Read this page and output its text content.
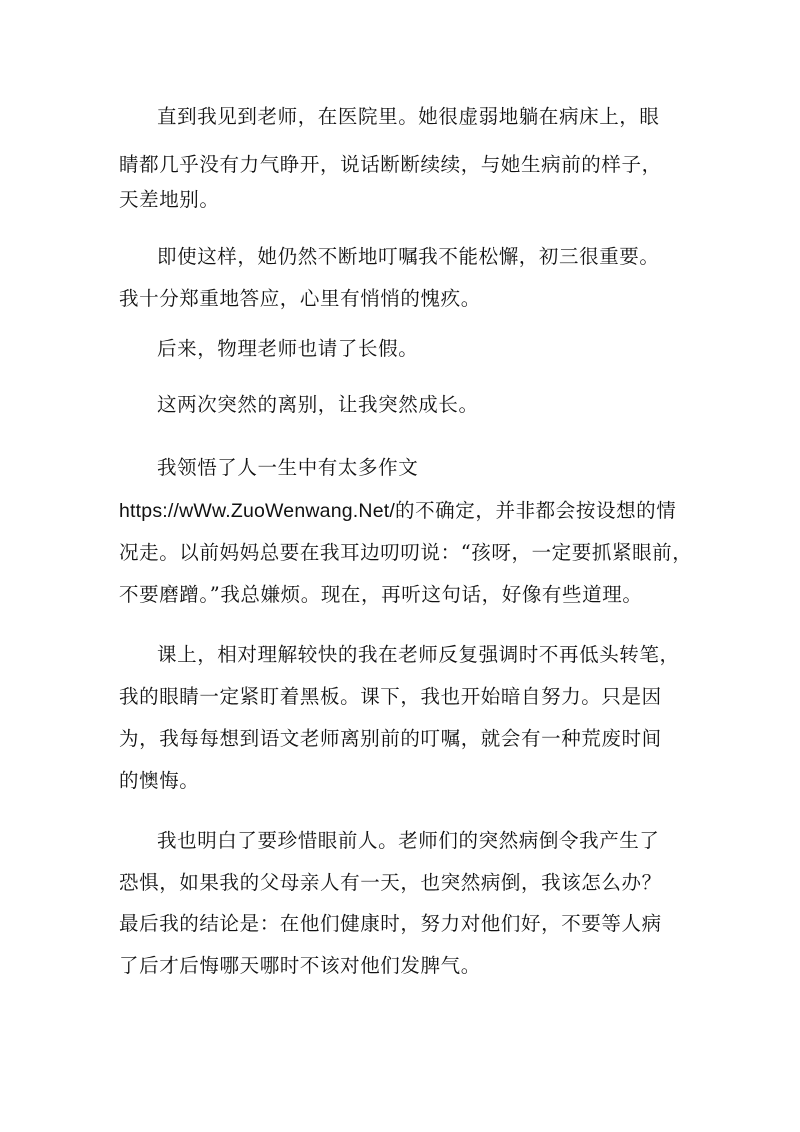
直到我见到老师，在医院里。她很虚弱地躺在病床上，眼
睛都几乎没有力气睁开，说话断断续续，与她生病前的样子，
天差地别。
即使这样，她仍然不断地叮嘱我不能松懈，初三很重要。
我十分郑重地答应，心里有悄悄的愧疚。
后来，物理老师也请了长假。
这两次突然的离别，让我突然成长。
我领悟了人一生中有太多作文
https://wWw.ZuoWenwang.Net/的不确定，并非都会按设想的情
况走。以前妈妈总要在我耳边叨叨说：“孩呀，一定要抓紧眼前，
不要磨蹭。”我总嫌烦。现在，再听这句话，好像有些道理。
课上，相对理解较快的我在老师反复强调时不再低头转笔，
我的眼睛一定紧盯着黑板。课下，我也开始暗自努力。只是因
为，我每每想到语文老师离别前的叮嘱，就会有一种荒废时间
的懊悔。
我也明白了要珍惜眼前人。老师们的突然病倒令我产生了
恐惧，如果我的父母亲人有一天，也突然病倒，我该怎么办？
最后我的结论是：在他们健康时，努力对他们好，不要等人病
了后才后悔哪天哪时不该对他们发脾气。
